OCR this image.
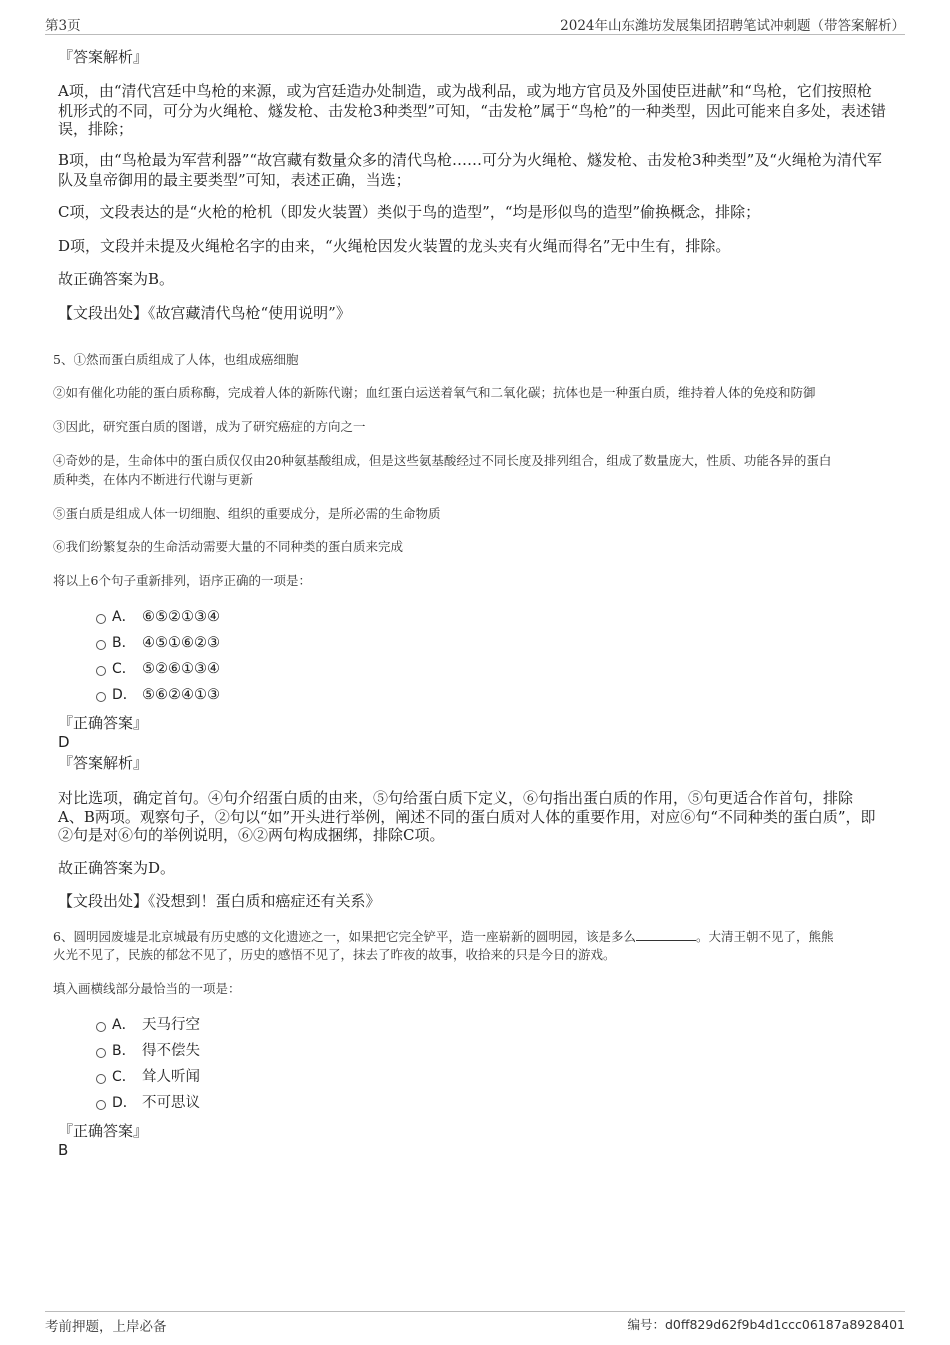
第3页	2024年山东潍坊发展集团招聘笔试冲刺题（带答案解析）
『答案解析』
A项，由“清代宫廷中鸟枪的来源，或为宫廷造办处制造，或为战利品，或为地方官员及外国使臣进献”和“鸟枪，它们按照枪
机形式的不同，可分为火绳枪、燧发枪、击发枪3种类型”可知，“击发枪”属于“鸟枪”的一种类型，因此可能来自多处，表述错
误，排除；
B项，由“鸟枪最为军营利器”“故宫藏有数量众多的清代鸟枪……可分为火绳枪、燧发枪、击发枪3种类型”及“火绳枪为清代军
队及皇帝御用的最主要类型”可知，表述正确，当选；
C项，文段表达的是“火枪的枪机（即发火装置）类似于鸟的造型”，“均是形似鸟的造型”偷换概念，排除；
D项，文段并未提及火绳枪名字的由来，“火绳枪因发火装置的龙头夹有火绳而得名”无中生有，排除。
故正确答案为B。
【文段出处】《故宫藏清代鸟枪“使用说明”》
5、①然而蛋白质组成了人体，也组成癌细胞
②如有催化功能的蛋白质称酶，完成着人体的新陈代谢；血红蛋白运送着氧气和二氧化碳；抗体也是一种蛋白质，维持着人体的免疫和防御
③因此，研究蛋白质的图谱，成为了研究癌症的方向之一
④奇妙的是，生命体中的蛋白质仅仅由20种氨基酸组成，但是这些氨基酸经过不同长度及排列组合，组成了数量庞大，性质、功能各异的蛋白
质种类，在体内不断进行代谢与更新
⑤蛋白质是组成人体一切细胞、组织的重要成分，是所必需的生命物质
⑥我们纷繁复杂的生命活动需要大量的不同种类的蛋白质来完成
将以上6个句子重新排列，语序正确的一项是：
A． ⑥⑤②①③④
B． ④⑤①⑥②③
C． ⑤②⑥①③④
D． ⑤⑥②④①③
『正确答案』
D
『答案解析』
对比选项，确定首句。④句介绍蛋白质的由来，⑤句给蛋白质下定义，⑥句指出蛋白质的作用，⑤句更适合作首句，排除
A、B两项。观察句子，②句以“如”开头进行举例，阐述不同的蛋白质对人体的重要作用，对应⑥句“不同种类的蛋白质”，即
②句是对⑥句的举例说明，⑥②两句构成捆绑，排除C项。
故正确答案为D。
【文段出处】《没想到！蛋白质和癌症还有关系》
6、圆明园废墟是北京城最有历史感的文化遗迹之一，如果把它完全铲平，造一座崭新的圆明园，该是多么	。大清王朝不见了，熊熊
火光不见了，民族的郁忿不见了，历史的感悟不见了，抹去了昨夜的故事，收拾来的只是今日的游戏。
填入画横线部分最恰当的一项是：
A． 天马行空
B． 得不偿失
C． 耸人听闻
D． 不可思议
『正确答案』
B
考前押题，上岸必备	编号：d0ff829d62f9b4d1ccc06187a8928401
